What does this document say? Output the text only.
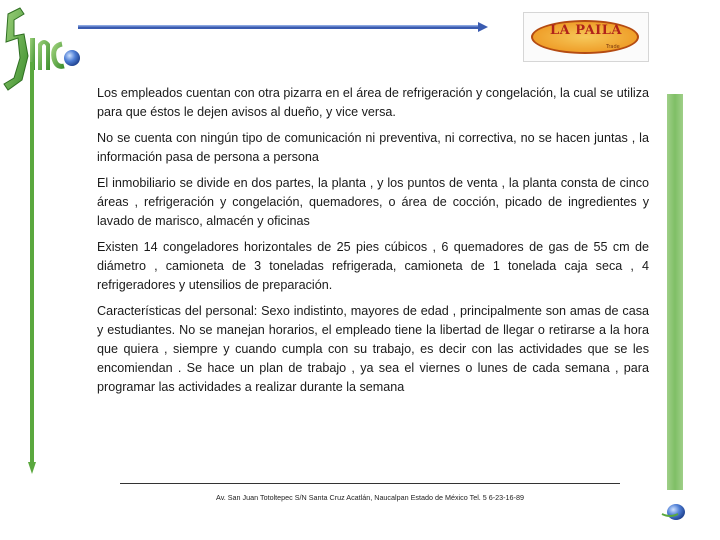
LA PAILA
Trade

Los empleados cuentan con otra pizarra en el área de refrigeración y congelación, la cual se utiliza para que éstos le dejen avisos al dueño, y vice versa.

No se cuenta con ningún tipo de comunicación ni preventiva, ni correctiva, no se hacen juntas , la información pasa de persona a persona

El inmobiliario se divide en dos partes, la planta , y los puntos de venta , la planta consta de cinco áreas , refrigeración y congelación, quemadores, o área de cocción, picado de ingredientes y lavado de marisco, almacén y oficinas

Existen 14 congeladores horizontales de 25 pies cúbicos , 6 quemadores de gas de 55 cm de diámetro , camioneta de 3 toneladas refrigerada, camioneta de 1 tonelada caja seca , 4 refrigeradores y utensilios de preparación.

Características del personal: Sexo indistinto, mayores de edad , principalmente son amas de casa y estudiantes. No se manejan horarios, el empleado tiene la libertad de llegar o retirarse a la hora que quiera , siempre y cuando cumpla con su trabajo, es decir con las actividades que se les encomiendan . Se hace un plan de trabajo , ya sea el viernes o lunes de cada semana , para programar las actividades a realizar durante la semana

Av. San Juan Totoltepec S/N Santa Cruz Acatlán, Naucalpan Estado de México Tel. 5 6-23-16-89
